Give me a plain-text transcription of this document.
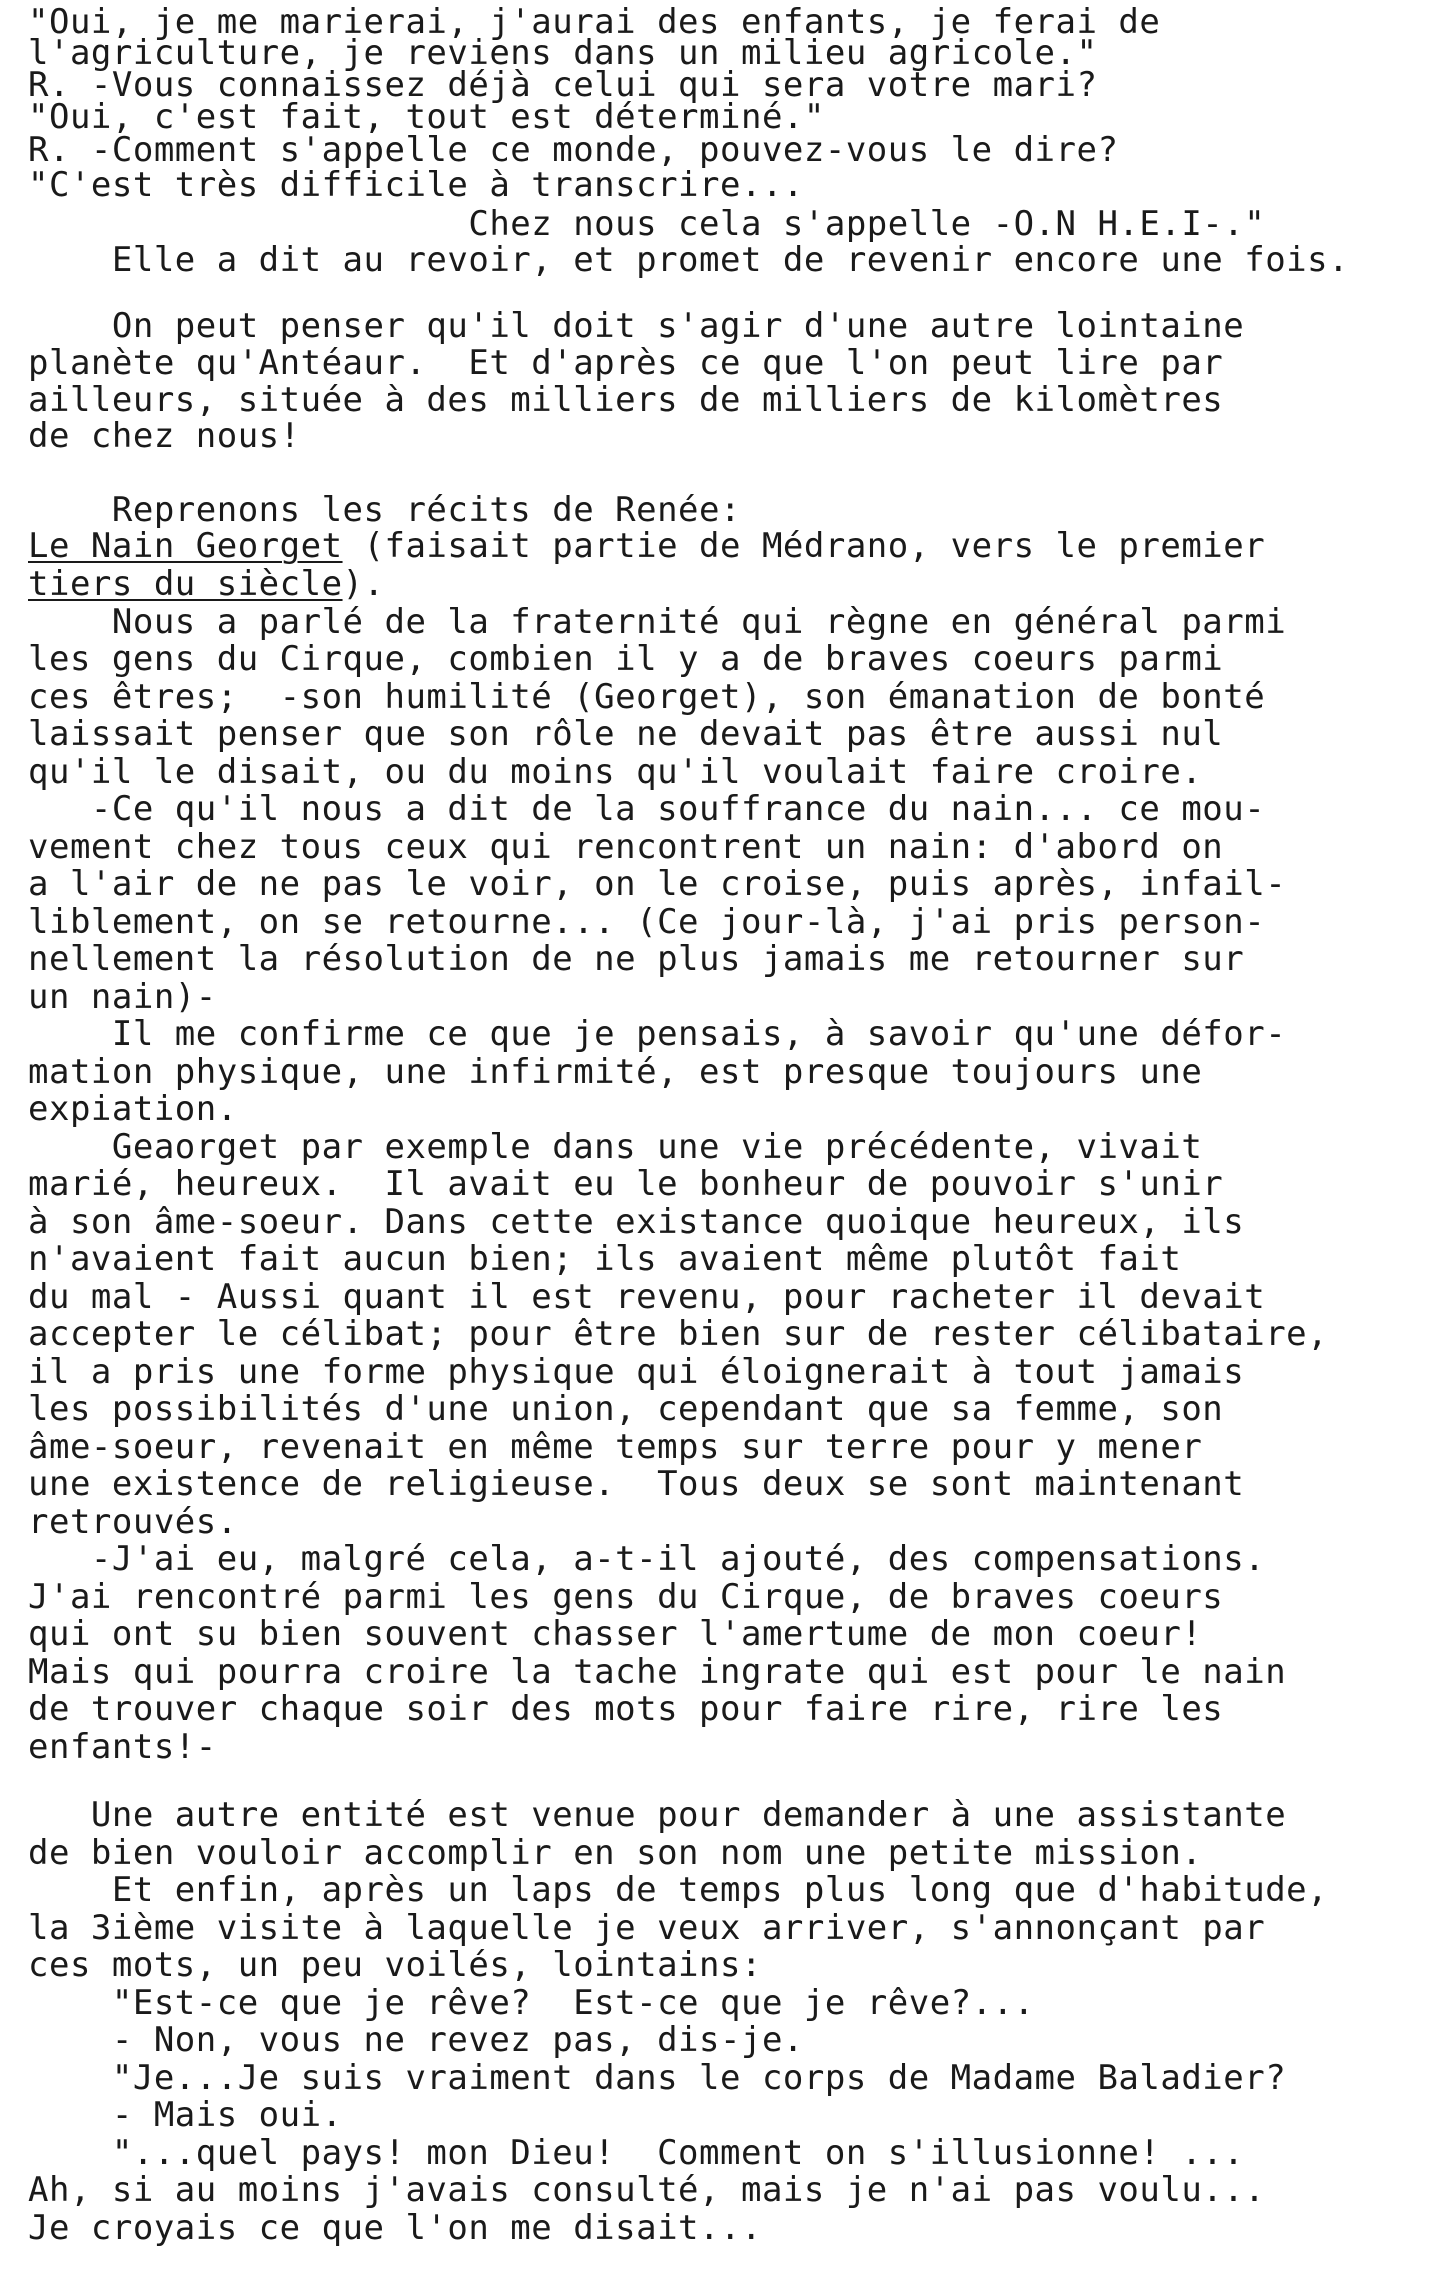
"Oui, je me marierai, j'aurai des enfants, je ferai de
l'agriculture, je reviens dans un milieu agricole."
R. -Vous connaissez déjà celui qui sera votre mari?
"Oui, c'est fait, tout est déterminé."
R. -Comment s'appelle ce monde, pouvez-vous le dire?
"C'est très difficile à transcrire...
Chez nous cela s'appelle -O.N H.E.I-."
Elle a dit au revoir, et promet de revenir encore une fois.
On peut penser qu'il doit s'agir d'une autre lointaine
planète qu'Antéaur.  Et d'après ce que l'on peut lire par
ailleurs, située à des milliers de milliers de kilomètres
de chez nous!
Reprenons les récits de Renée:
Le Nain Georget (faisait partie de Médrano, vers le premier
tiers du siècle).
Nous a parlé de la fraternité qui règne en général parmi
les gens du Cirque, combien il y a de braves coeurs parmi
ces êtres;  -son humilité (Georget), son émanation de bonté
laissait penser que son rôle ne devait pas être aussi nul
qu'il le disait, ou du moins qu'il voulait faire croire.
-Ce qu'il nous a dit de la souffrance du nain... ce mou-
vement chez tous ceux qui rencontrent un nain: d'abord on
a l'air de ne pas le voir, on le croise, puis après, infail-
liblement, on se retourne... (Ce jour-là, j'ai pris person-
nellement la résolution de ne plus jamais me retourner sur
un nain)-
Il me confirme ce que je pensais, à savoir qu'une défor-
mation physique, une infirmité, est presque toujours une
expiation.
Geaorget par exemple dans une vie précédente, vivait
marié, heureux.  Il avait eu le bonheur de pouvoir s'unir
à son âme-soeur. Dans cette existance quoique heureux, ils
n'avaient fait aucun bien; ils avaient même plutôt fait
du mal - Aussi quant il est revenu, pour racheter il devait
accepter le célibat; pour être bien sur de rester célibataire,
il a pris une forme physique qui éloignerait à tout jamais
les possibilités d'une union, cependant que sa femme, son
âme-soeur, revenait en même temps sur terre pour y mener
une existence de religieuse.  Tous deux se sont maintenant
retrouvés.
-J'ai eu, malgré cela, a-t-il ajouté, des compensations.
J'ai rencontré parmi les gens du Cirque, de braves coeurs
qui ont su bien souvent chasser l'amertume de mon coeur!
Mais qui pourra croire la tache ingrate qui est pour le nain
de trouver chaque soir des mots pour faire rire, rire les
enfants!-
Une autre entité est venue pour demander à une assistante
de bien vouloir accomplir en son nom une petite mission.
Et enfin, après un laps de temps plus long que d'habitude,
la 3ième visite à laquelle je veux arriver, s'annonçant par
ces mots, un peu voilés, lointains:
"Est-ce que je rêve?  Est-ce que je rêve?...
- Non, vous ne revez pas, dis-je.
"Je...Je suis vraiment dans le corps de Madame Baladier?
- Mais oui.
"...quel pays! mon Dieu!  Comment on s'illusionne! ...
Ah, si au moins j'avais consulté, mais je n'ai pas voulu...
Je croyais ce que l'on me disait...
